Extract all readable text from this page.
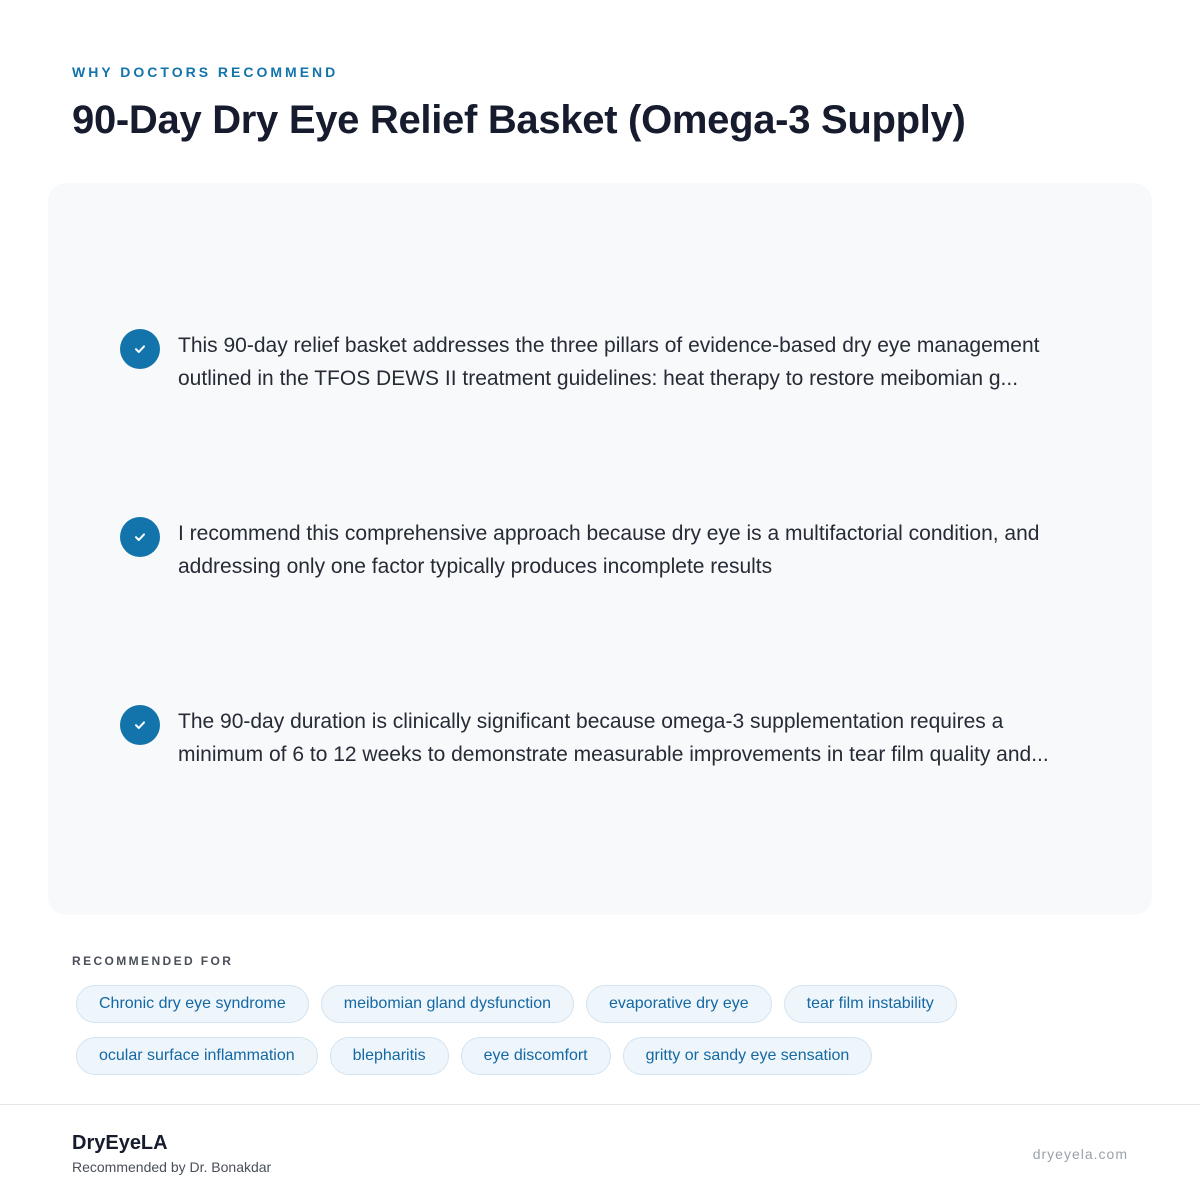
WHY DOCTORS RECOMMEND
90-Day Dry Eye Relief Basket (Omega-3 Supply)

This 90-day relief basket addresses the three pillars of evidence-based dry eye management outlined in the TFOS DEWS II treatment guidelines: heat therapy to restore meibomian g...

I recommend this comprehensive approach because dry eye is a multifactorial condition, and addressing only one factor typically produces incomplete results

The 90-day duration is clinically significant because omega-3 supplementation requires a minimum of 6 to 12 weeks to demonstrate measurable improvements in tear film quality and...

RECOMMENDED FOR
Chronic dry eye syndrome	meibomian gland dysfunction	evaporative dry eye	tear film instability
ocular surface inflammation	blepharitis	eye discomfort	gritty or sandy eye sensation
DryEyeLA
Recommended by Dr. Bonakdar
dryeyela.com
